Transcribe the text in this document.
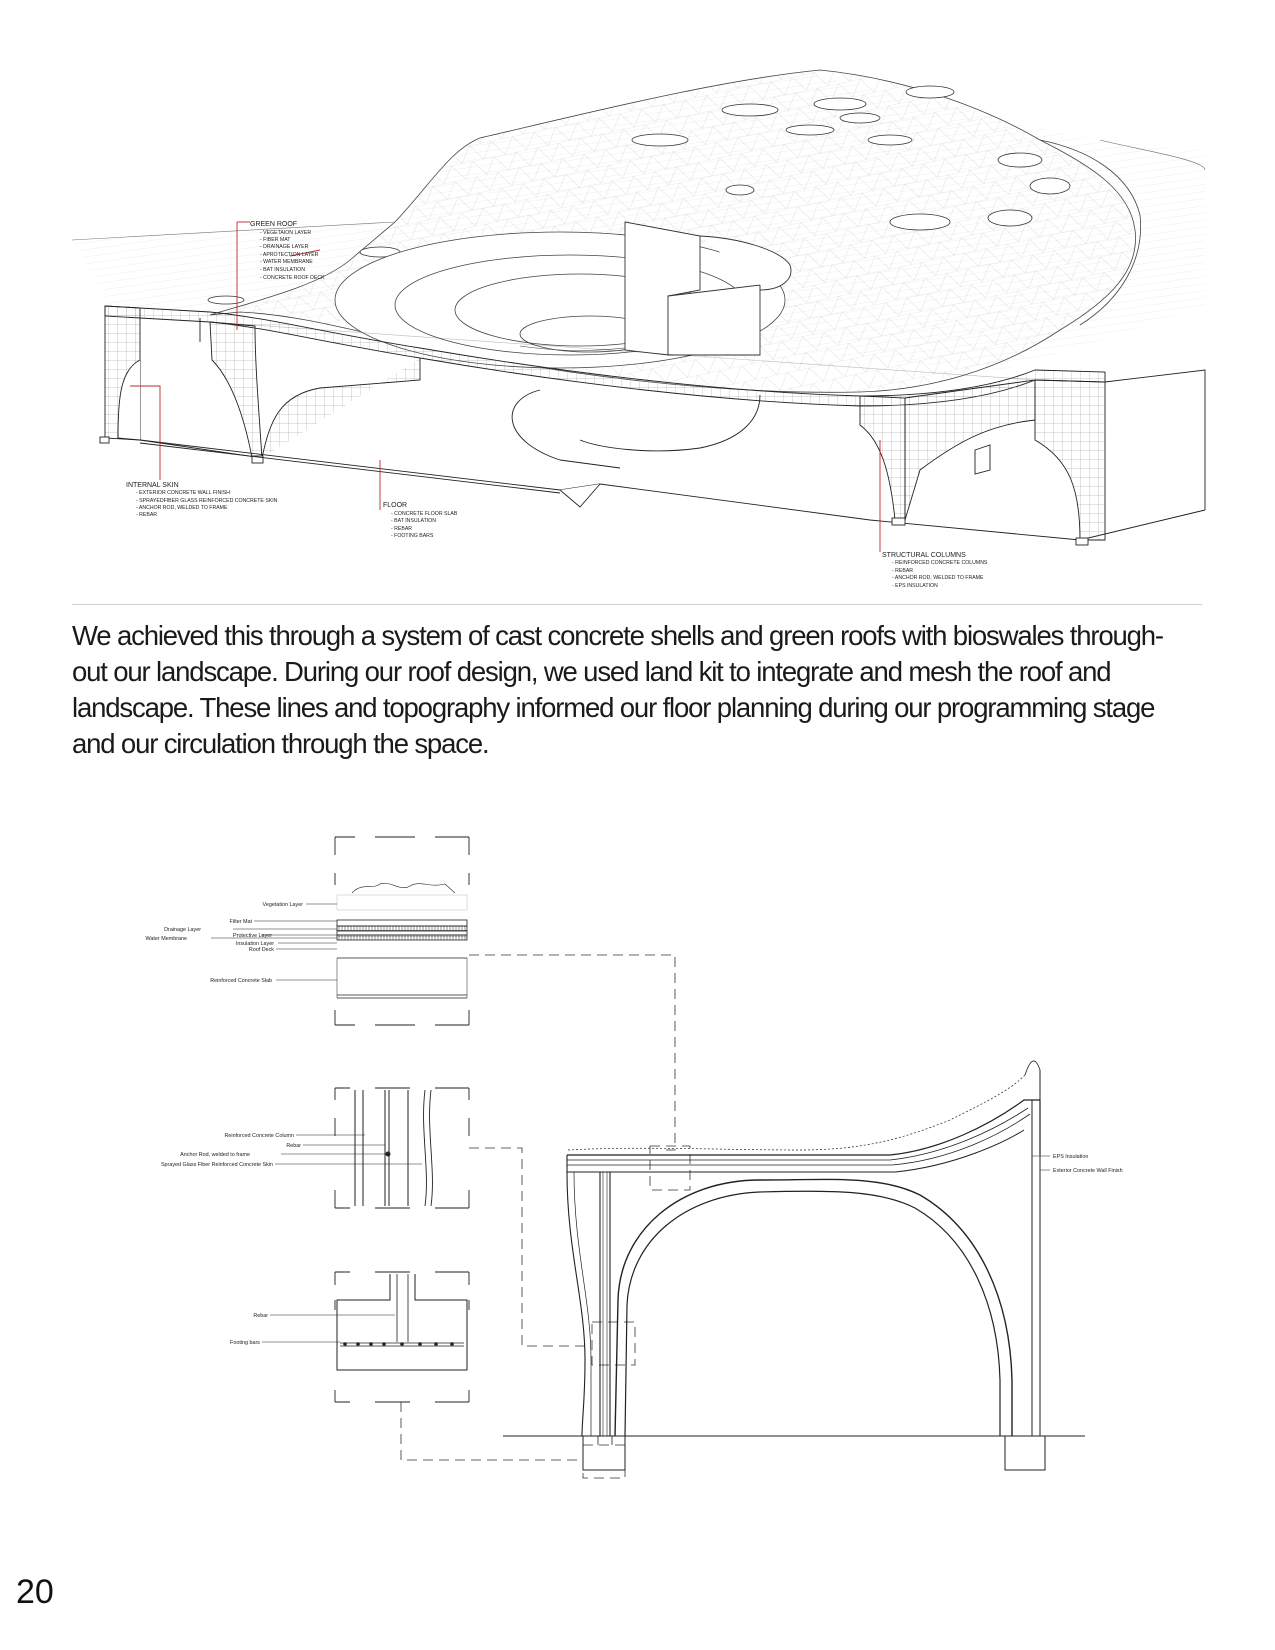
GREEN ROOF
- VEGETAION LAYER
- FIBER MAT
- DRAINAGE LAYER
- APROTECTION LAYER
- WATER MEMBRANE
- BAT INSULATION
- CONCRETE ROOF DECK
INTERNAL SKIN
- EXTERIOR CONCRETE WALL FINISH
- SPRAYEDFIBER GLASS REINFORCED CONCRETE SKIN
- ANCHOR ROD, WELDED TO FRAME
- REBAR
FLOOR
- CONCRETE FLOOR SLAB
- BAT INSULATION
- REBAR
- FOOTING BARS
STRUCTURAL COLUMNS
- REINFORCED CONCRETE COLUMNS
- REBAR
- ANCHOR ROD, WELDED TO FRAME
- EPS INSULATION

We achieved this through a system of cast concrete shells and green roofs with bioswales through-
out our landscape. During our roof design, we used land kit to integrate and mesh the roof and
landscape. These lines and topography informed our floor planning during our programming stage
and our circulation through the space.

Vegetation Layer
Filter Mat
Drainage Layer
Protective Layer
Water Membrane
Insulation Layer
Roof Deck
Reinforced Concrete Slab
Reinforced Concrete Column
Rebar
Anchor Rod, welded to frame
Sprayed Glass Fiber Reinforced Concrete Skin
Rebar
Footing bars
EPS Insulation
Exterior Concrete Wall Finish

20
